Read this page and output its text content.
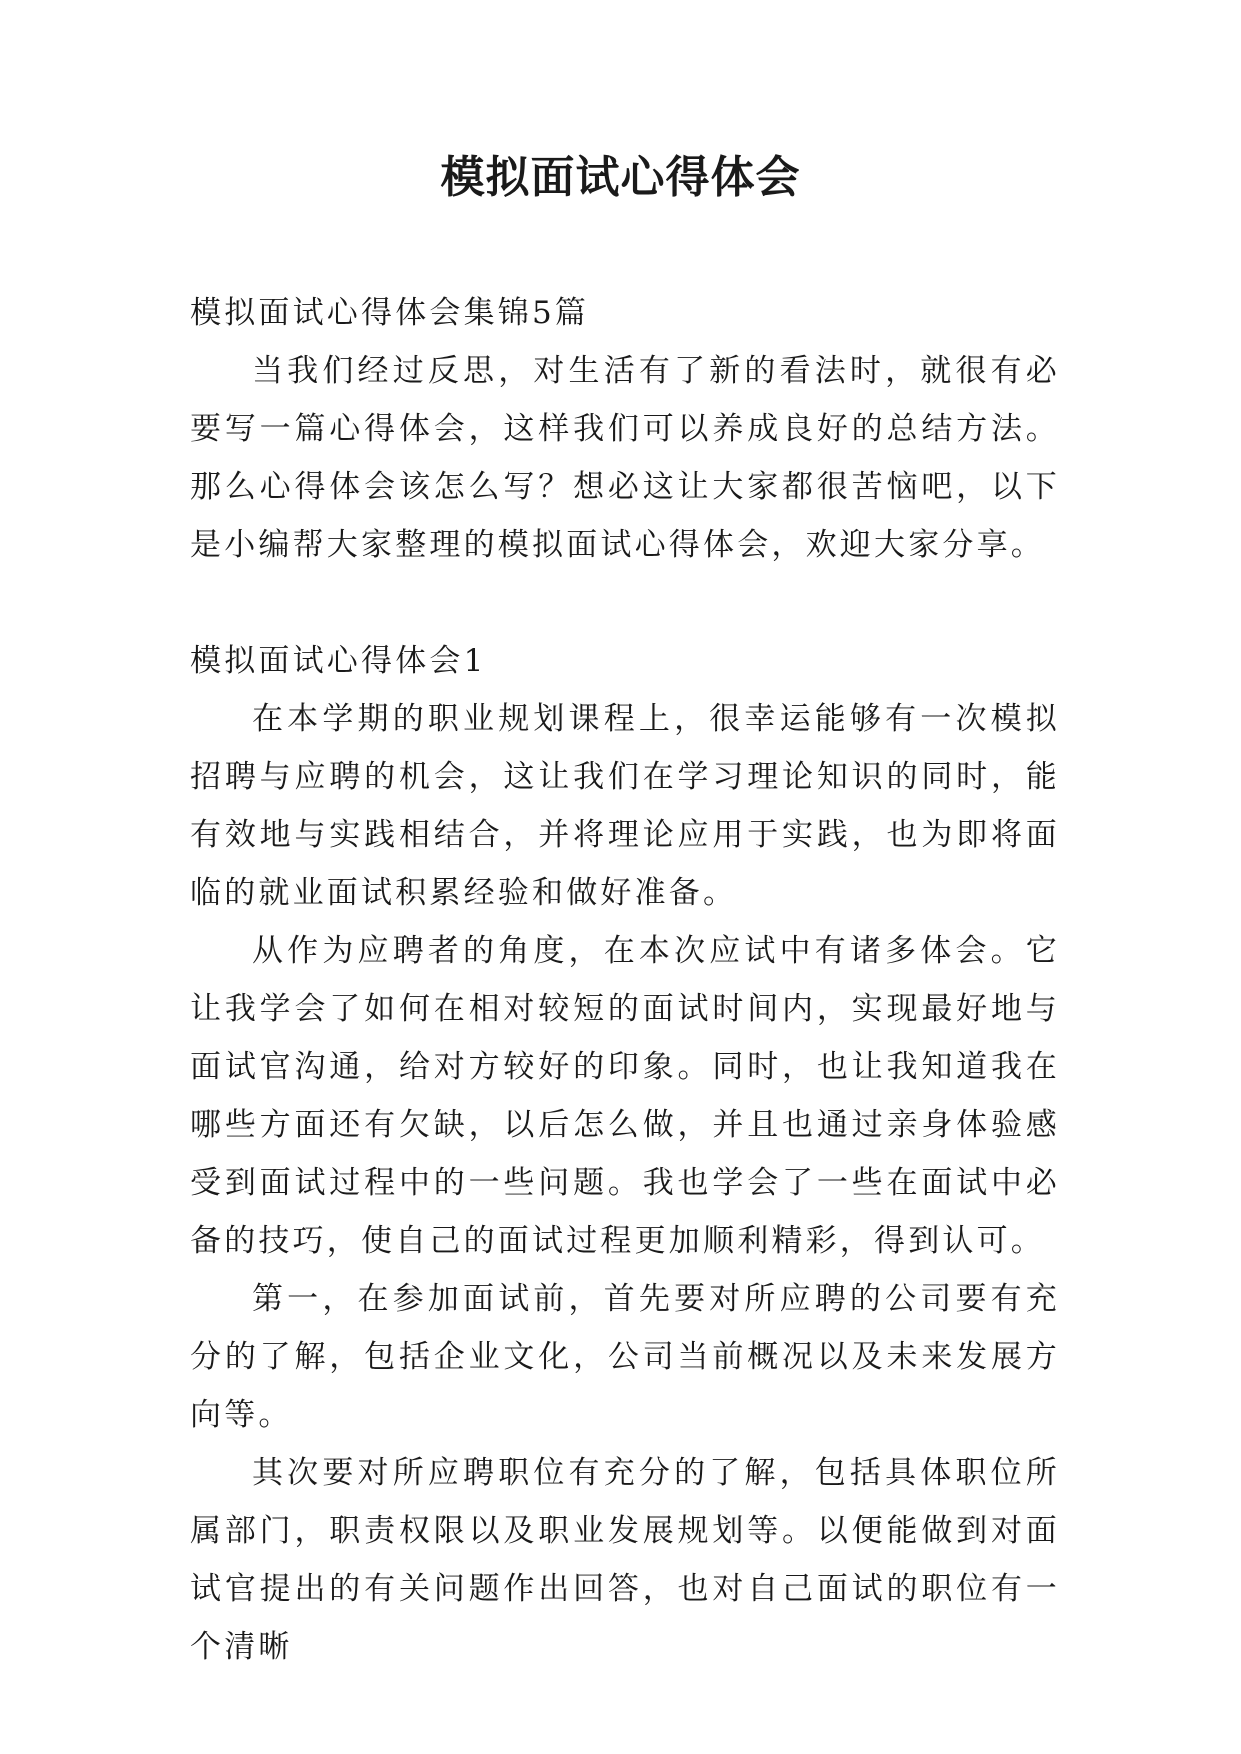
模拟面试心得体会

模拟面试心得体会集锦5篇

当我们经过反思，对生活有了新的看法时，就很有必要写一篇心得体会，这样我们可以养成良好的总结方法。那么心得体会该怎么写？想必这让大家都很苦恼吧，以下是小编帮大家整理的模拟面试心得体会，欢迎大家分享。

模拟面试心得体会1

在本学期的职业规划课程上，很幸运能够有一次模拟招聘与应聘的机会，这让我们在学习理论知识的同时，能有效地与实践相结合，并将理论应用于实践，也为即将面临的就业面试积累经验和做好准备。

从作为应聘者的角度，在本次应试中有诸多体会。它让我学会了如何在相对较短的面试时间内，实现最好地与面试官沟通，给对方较好的印象。同时，也让我知道我在哪些方面还有欠缺，以后怎么做，并且也通过亲身体验感受到面试过程中的一些问题。我也学会了一些在面试中必备的技巧，使自己的面试过程更加顺利精彩，得到认可。

第一，在参加面试前，首先要对所应聘的公司要有充分的了解，包括企业文化，公司当前概况以及未来发展方向等。

其次要对所应聘职位有充分的了解，包括具体职位所属部门，职责权限以及职业发展规划等。以便能做到对面试官提出的有关问题作出回答，也对自己面试的职位有一个清晰
